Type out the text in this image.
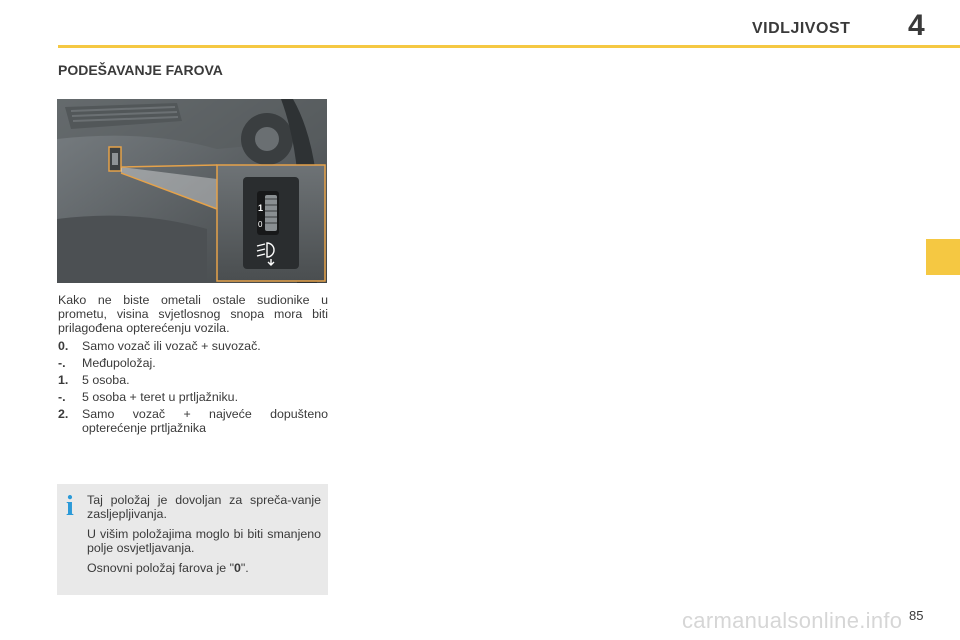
VIDLJIVOST 4
PODEŠAVANJE FAROVA
1
0
Kako ne biste ometali ostale sudionike u prometu, visina svjetlosnog snopa mora biti prilagođena opterećenju vozila.
0.	Samo vozač ili vozač + suvozač.
-.	Međupoložaj.
1.	5 osoba.
-.	5 osoba + teret u prtljažniku.
2.	Samo vozač + najveće dopušteno opterećenje prtljažnika
i Taj položaj je dovoljan za spreča-vanje zasljepljivanja.

U višim položajima moglo bi biti smanjeno polje osvjetljavanja.

Osnovni položaj farova je "0".

carmanualsonline.info 85
